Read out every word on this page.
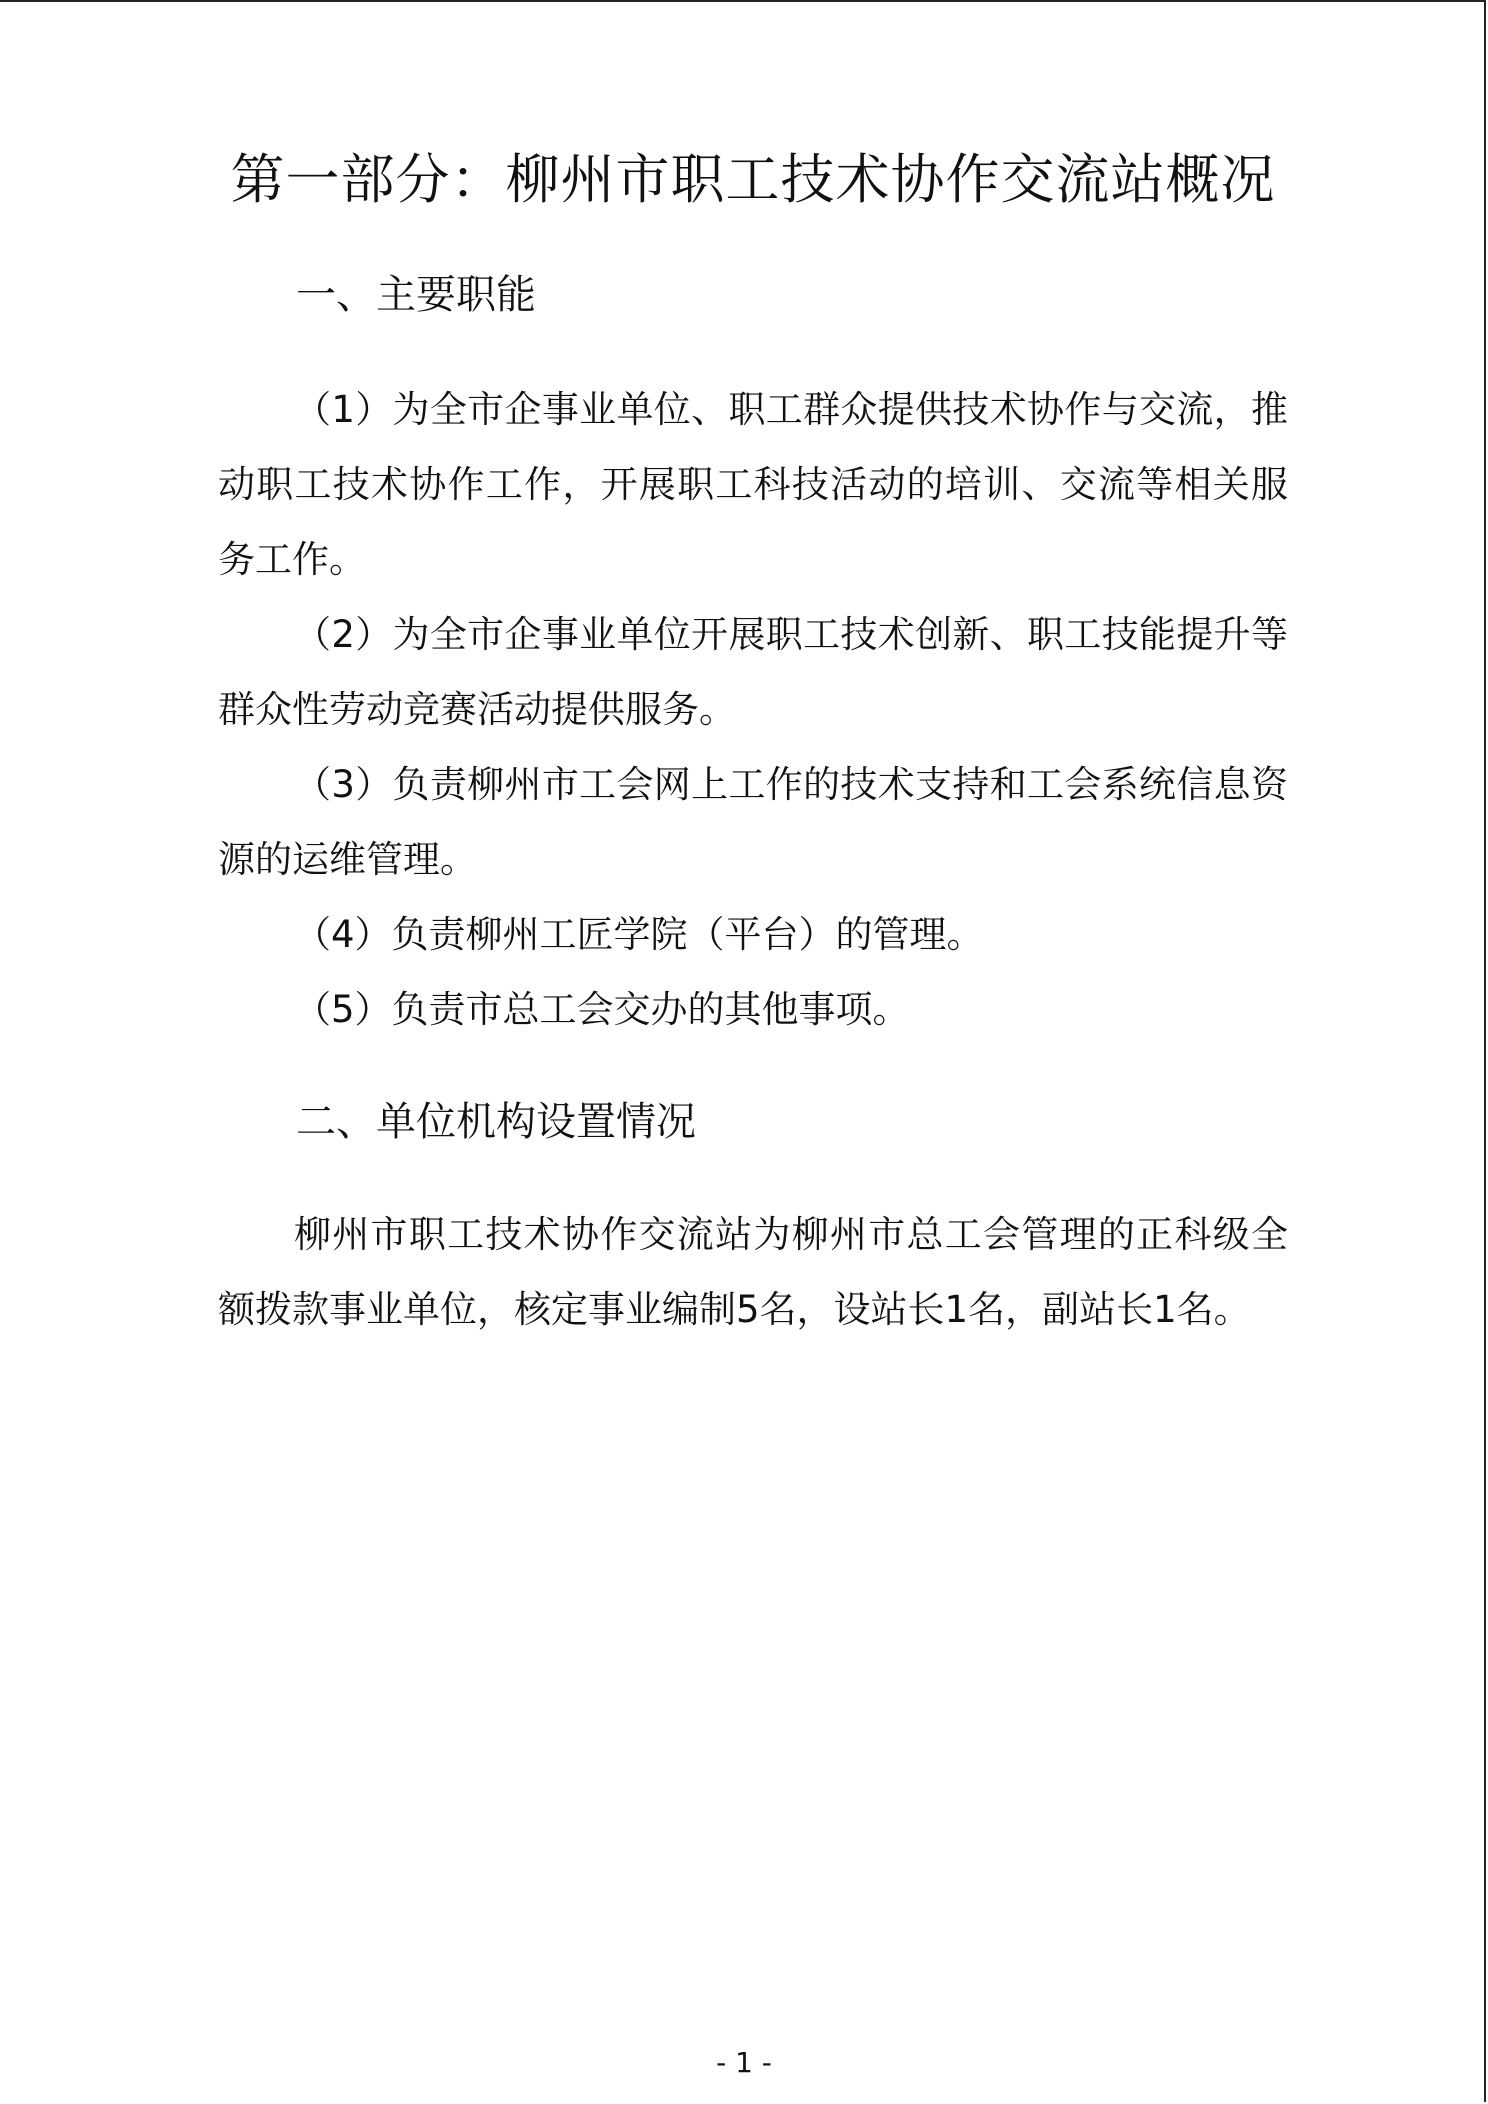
第一部分：柳州市职工技术协作交流站概况
一、主要职能

（1）为全市企事业单位、职工群众提供技术协作与交流，推动职工技术协作工作，开展职工科技活动的培训、交流等相关服务工作。

（2）为全市企事业单位开展职工技术创新、职工技能提升等群众性劳动竞赛活动提供服务。

（3）负责柳州市工会网上工作的技术支持和工会系统信息资源的运维管理。

（4）负责柳州工匠学院（平台）的管理。

（5）负责市总工会交办的其他事项。

二、单位机构设置情况

柳州市职工技术协作交流站为柳州市总工会管理的正科级全额拨款事业单位，核定事业编制5名，设站长1名，副站长1名。

- 1 -
